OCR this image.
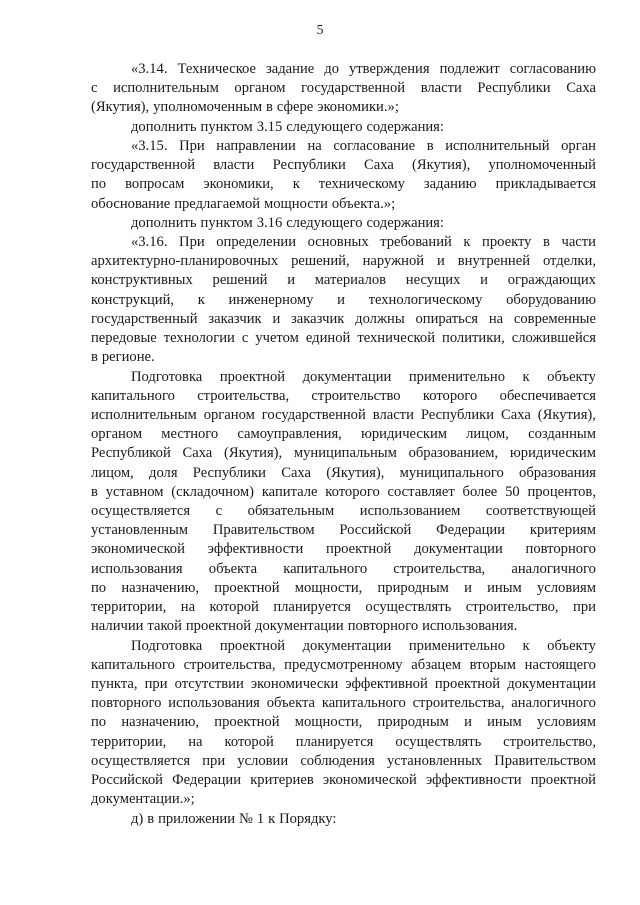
5
«3.14. Техническое задание до утверждения подлежит согласованию
с исполнительным органом государственной власти Республики Саха
(Якутия), уполномоченным в сфере экономики.»;
дополнить пунктом 3.15 следующего содержания:
«3.15. При направлении на согласование в исполнительный орган
государственной власти Республики Саха (Якутия), уполномоченный
по вопросам экономики, к техническому заданию прикладывается
обоснование предлагаемой мощности объекта.»;
дополнить пунктом 3.16 следующего содержания:
«3.16. При определении основных требований к проекту в части
архитектурно-планировочных решений, наружной и внутренней отделки,
конструктивных решений и материалов несущих и ограждающих
конструкций, к инженерному и технологическому оборудованию
государственный заказчик и заказчик должны опираться на современные
передовые технологии с учетом единой технической политики, сложившейся
в регионе.
Подготовка проектной документации применительно к объекту
капитального строительства, строительство которого обеспечивается
исполнительным органом государственной власти Республики Саха (Якутия),
органом местного самоуправления, юридическим лицом, созданным
Республикой Саха (Якутия), муниципальным образованием, юридическим
лицом, доля Республики Саха (Якутия), муниципального образования
в уставном (складочном) капитале которого составляет более 50 процентов,
осуществляется с обязательным использованием соответствующей
установленным Правительством Российской Федерации критериям
экономической эффективности проектной документации повторного
использования объекта капитального строительства, аналогичного
по назначению, проектной мощности, природным и иным условиям
территории, на которой планируется осуществлять строительство, при
наличии такой проектной документации повторного использования.
Подготовка проектной документации применительно к объекту
капитального строительства, предусмотренному абзацем вторым настоящего
пункта, при отсутствии экономически эффективной проектной документации
повторного использования объекта капитального строительства, аналогичного
по назначению, проектной мощности, природным и иным условиям
территории, на которой планируется осуществлять строительство,
осуществляется при условии соблюдения установленных Правительством
Российской Федерации критериев экономической эффективности проектной
документации.»;
д) в приложении № 1 к Порядку:
